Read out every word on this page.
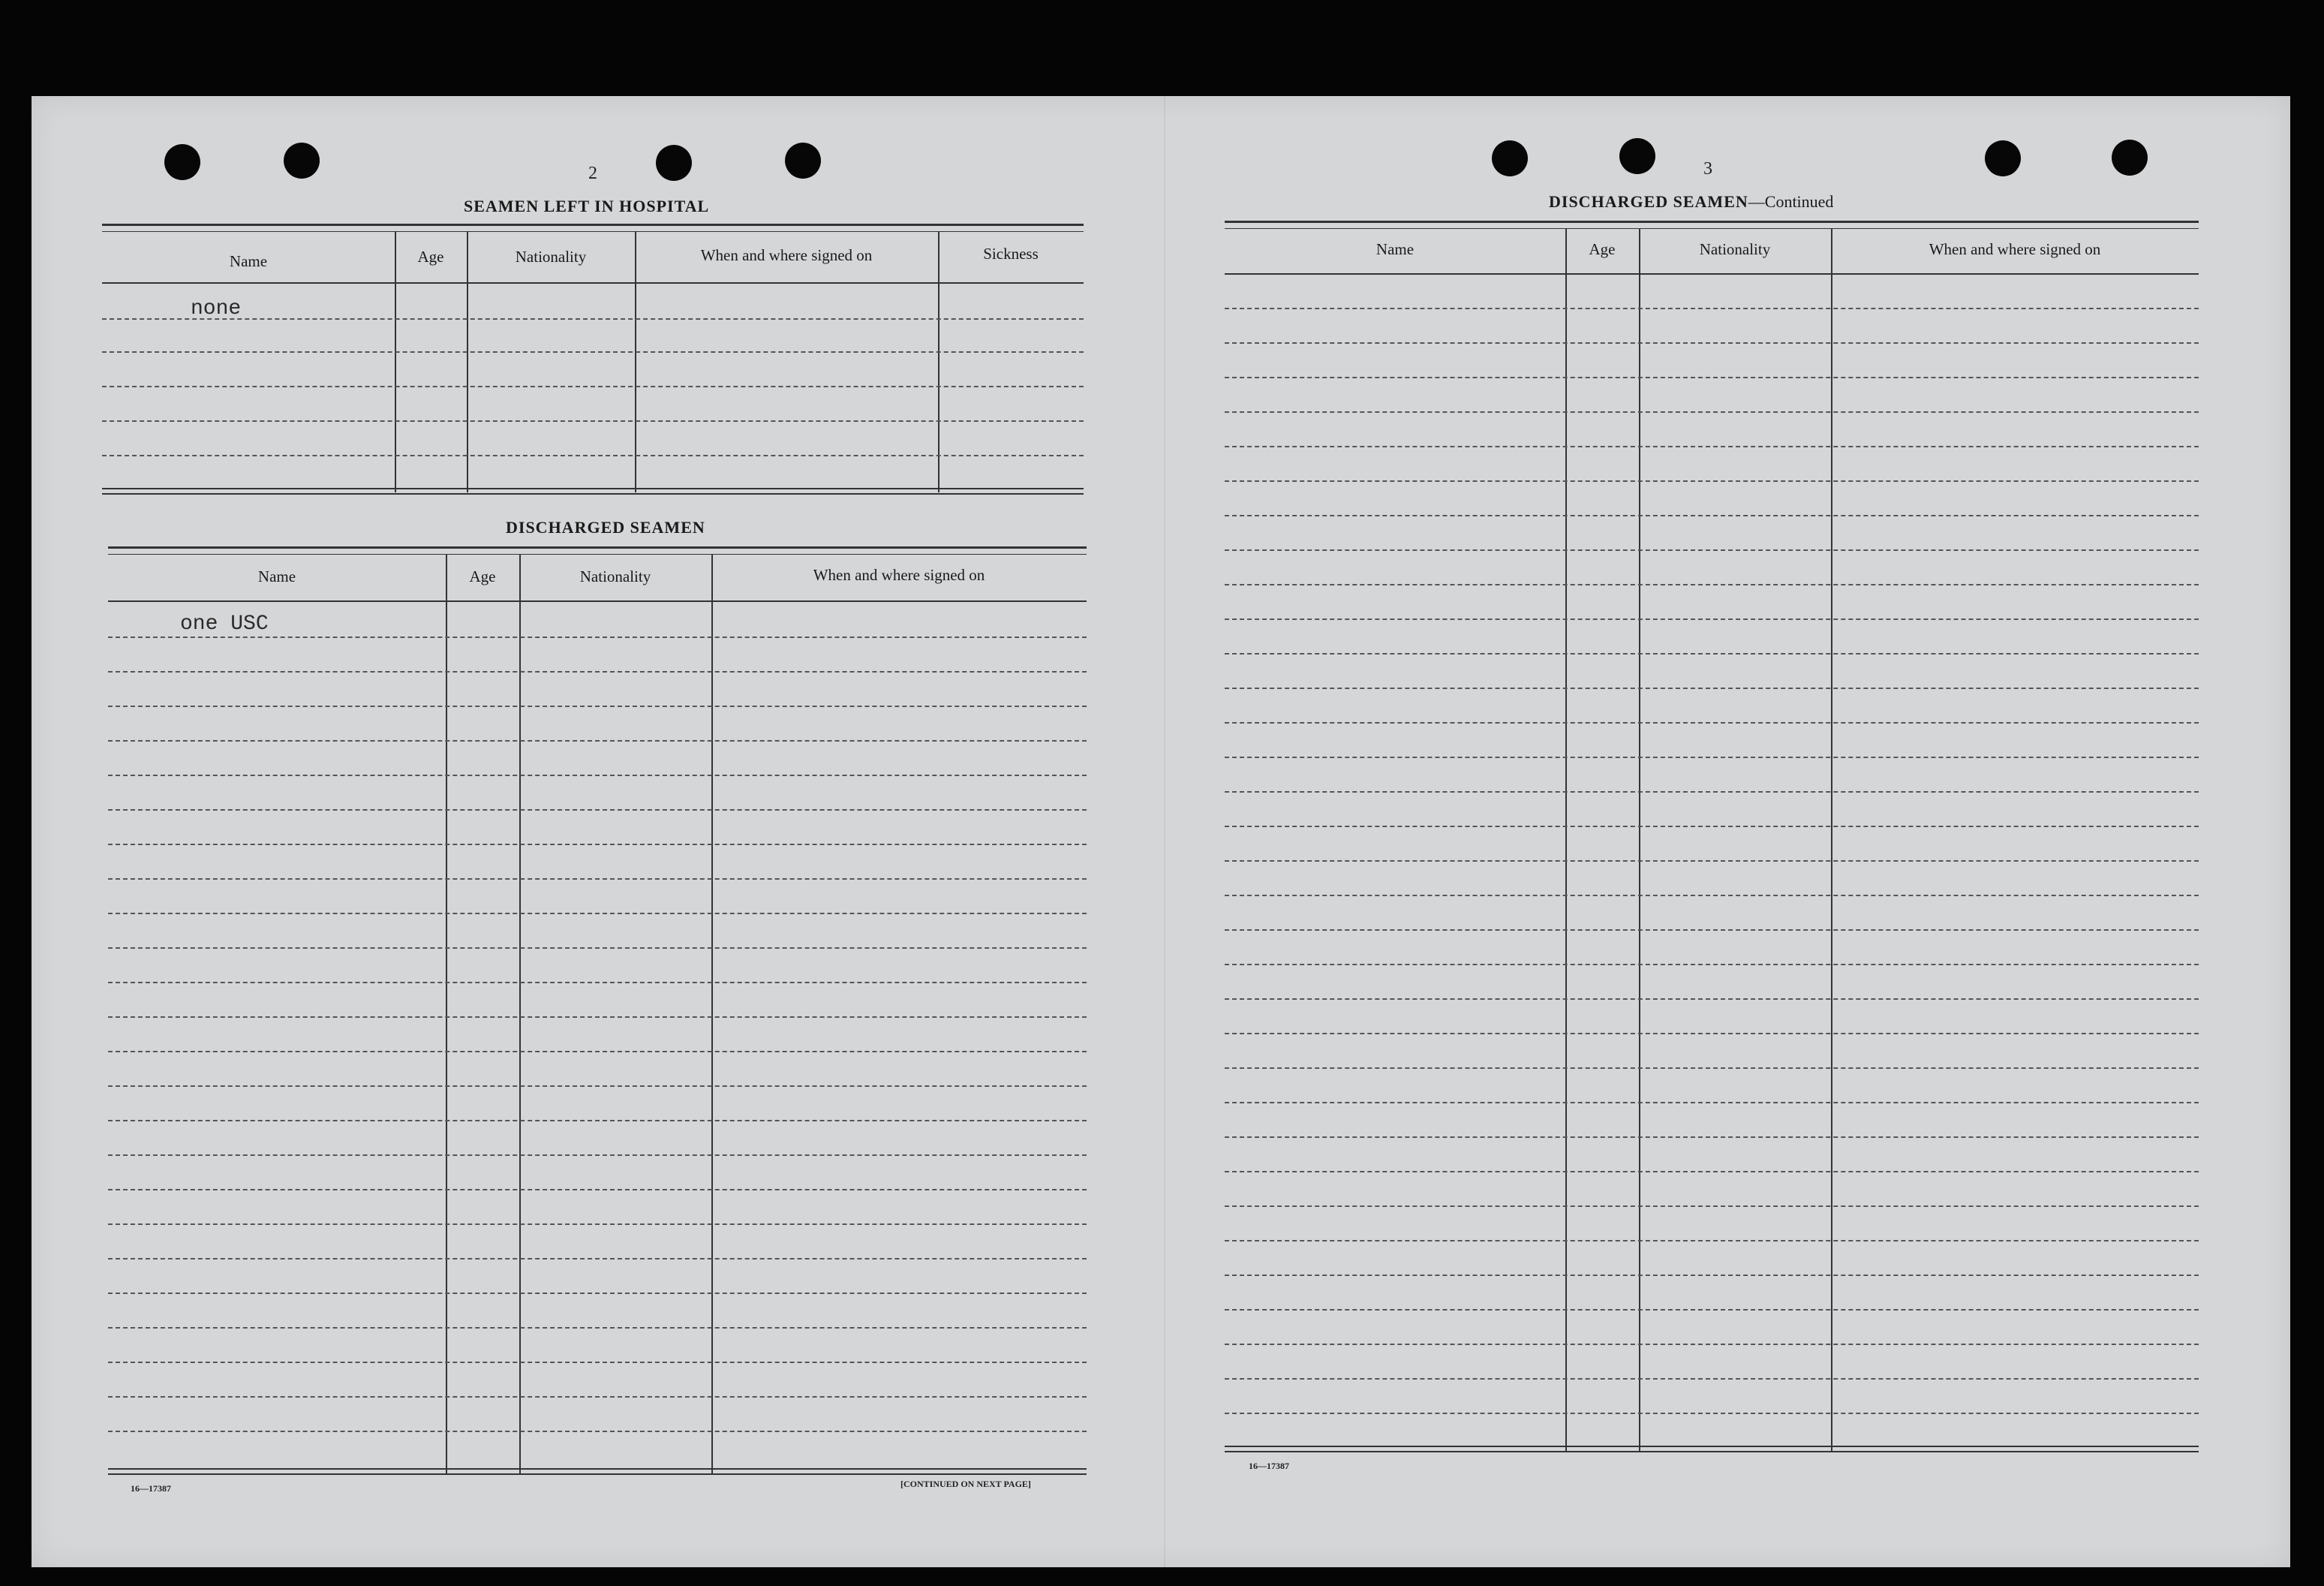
2
SEAMEN LEFT IN HOSPITAL
Name	Age	Nationality	When and where signed on	Sickness
none
DISCHARGED SEAMEN
Name	Age	Nationality	When and where signed on
one USC
16—17387	[CONTINUED ON NEXT PAGE]
3
DISCHARGED SEAMEN—Continued
Name	Age	Nationality	When and where signed on
16—17387
